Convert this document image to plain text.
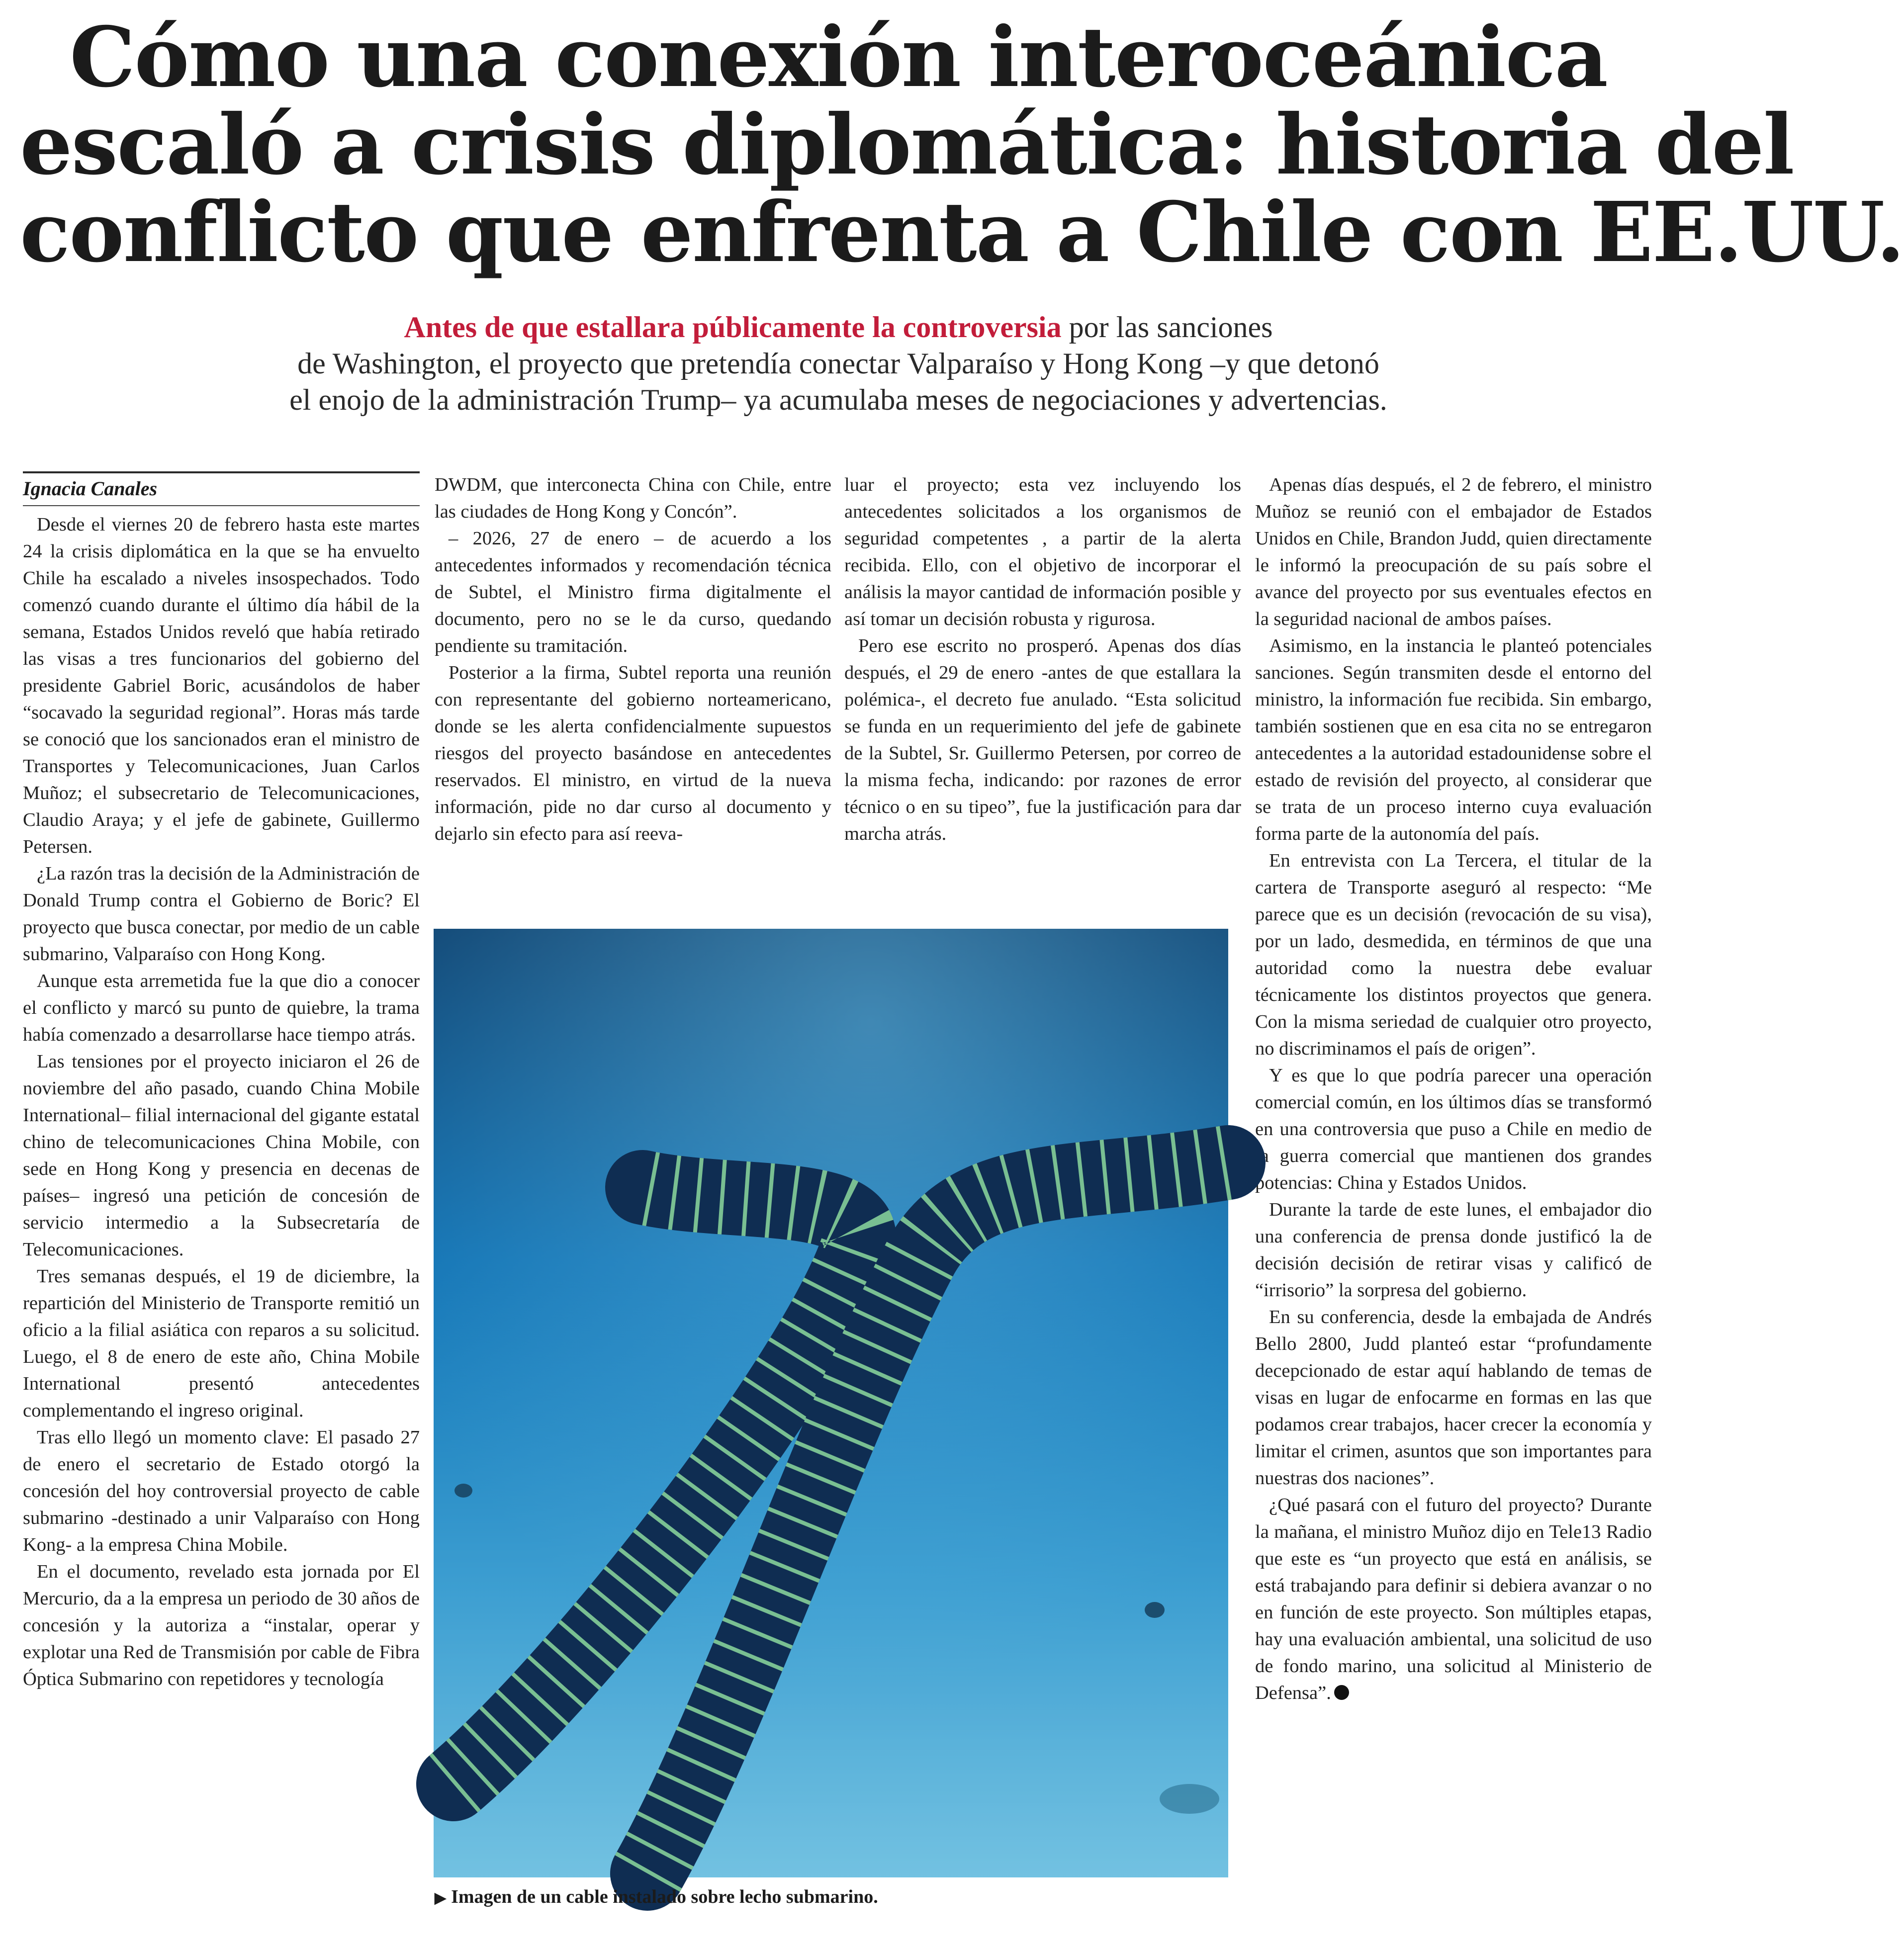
Cómo una conexión interoceánica
escaló a crisis diplomática: historia del
conflicto que enfrenta a Chile con EE.UU.

Antes de que estallara públicamente la controversia por las sanciones
de Washington, el proyecto que pretendía conectar Valparaíso y Hong Kong –y que detonó
el enojo de la administración Trump– ya acumulaba meses de negociaciones y advertencias.

Ignacia Canales

Desde el viernes 20 de febrero hasta este martes 24 la crisis diplomática en la que se ha envuelto Chile ha escalado a niveles insospechados. Todo comenzó cuando durante el último día hábil de la semana, Estados Unidos reveló que había retirado las visas a tres funcionarios del gobierno del presidente Gabriel Boric, acusándolos de haber “socavado la seguridad regional”. Horas más tarde se conoció que los sancionados eran el ministro de Transportes y Telecomunicaciones, Juan Carlos Muñoz; el subsecretario de Telecomunicaciones, Claudio Araya; y el jefe de gabinete, Guillermo Petersen.

¿La razón tras la decisión de la Administración de Donald Trump contra el Gobierno de Boric? El proyecto que busca conectar, por medio de un cable submarino, Valparaíso con Hong Kong.

Aunque esta arremetida fue la que dio a conocer el conflicto y marcó su punto de quiebre, la trama había comenzado a desarrollarse hace tiempo atrás.

Las tensiones por el proyecto iniciaron el 26 de noviembre del año pasado, cuando China Mobile International– filial internacional del gigante estatal chino de telecomunicaciones China Mobile, con sede en Hong Kong y presencia en decenas de países– ingresó una petición de concesión de servicio intermedio a la Subsecretaría de Telecomunicaciones.

Tres semanas después, el 19 de diciembre, la repartición del Ministerio de Transporte remitió un oficio a la filial asiática con reparos a su solicitud. Luego, el 8 de enero de este año, China Mobile International presentó antecedentes complementando el ingreso original.

Tras ello llegó un momento clave: El pasado 27 de enero el secretario de Estado otorgó la concesión del hoy controversial proyecto de cable submarino -destinado a unir Valparaíso con Hong Kong- a la empresa China Mobile.

En el documento, revelado esta jornada por El Mercurio, da a la empresa un periodo de 30 años de concesión y la autoriza a “instalar, operar y explotar una Red de Transmisión por cable de Fibra Óptica Submarino con repetidores y tecnología

DWDM, que interconecta China con Chile, entre las ciudades de Hong Kong y Concón”.

– 2026, 27 de enero – de acuerdo a los antecedentes informados y recomendación técnica de Subtel, el Ministro firma digitalmente el documento, pero no se le da curso, quedando pendiente su tramitación.

Posterior a la firma, Subtel reporta una reunión con representante del gobierno norteamericano, donde se les alerta confidencialmente supuestos riesgos del proyecto basándose en antecedentes reservados. El ministro, en virtud de la nueva información, pide no dar curso al documento y dejarlo sin efecto para así reeva-

luar el proyecto; esta vez incluyendo los antecedentes solicitados a los organismos de seguridad competentes , a partir de la alerta recibida. Ello, con el objetivo de incorporar el análisis la mayor cantidad de información posible y así tomar un decisión robusta y rigurosa.

Pero ese escrito no prosperó. Apenas dos días después, el 29 de enero -antes de que estallara la polémica-, el decreto fue anulado. “Esta solicitud se funda en un requerimiento del jefe de gabinete de la Subtel, Sr. Guillermo Petersen, por correo de la misma fecha, indicando: por razones de error técnico o en su tipeo”, fue la justificación para dar marcha atrás.

Apenas días después, el 2 de febrero, el ministro Muñoz se reunió con el embajador de Estados Unidos en Chile, Brandon Judd, quien directamente le informó la preocupación de su país sobre el avance del proyecto por sus eventuales efectos en la seguridad nacional de ambos países.

Asimismo, en la instancia le planteó potenciales sanciones. Según transmiten desde el entorno del ministro, la información fue recibida. Sin embargo, también sostienen que en esa cita no se entregaron antecedentes a la autoridad estadounidense sobre el estado de revisión del proyecto, al considerar que se trata de un proceso interno cuya evaluación forma parte de la autonomía del país.

En entrevista con La Tercera, el titular de la cartera de Transporte aseguró al respecto: “Me parece que es un decisión (revocación de su visa), por un lado, desmedida, en términos de que una autoridad como la nuestra debe evaluar técnicamente los distintos proyectos que genera. Con la misma seriedad de cualquier otro proyecto, no discriminamos el país de origen”.

Y es que lo que podría parecer una operación comercial común, en los últimos días se transformó en una controversia que puso a Chile en medio de la guerra comercial que mantienen dos grandes potencias: China y Estados Unidos.

Durante la tarde de este lunes, el embajador dio una conferencia de prensa donde justificó la de decisión decisión de retirar visas y calificó de “irrisorio” la sorpresa del gobierno.

En su conferencia, desde la embajada de Andrés Bello 2800, Judd planteó estar “profundamente decepcionado de estar aquí hablando de temas de visas en lugar de enfocarme en formas en las que podamos crear trabajos, hacer crecer la economía y limitar el crimen, asuntos que son importantes para nuestras dos naciones”.

¿Qué pasará con el futuro del proyecto? Durante la mañana, el ministro Muñoz dijo en Tele13 Radio que este es “un proyecto que está en análisis, se está trabajando para definir si debiera avanzar o no en función de este proyecto. Son múltiples etapas, hay una evaluación ambiental, una solicitud de uso de fondo marino, una solicitud al Ministerio de Defensa”.

▶ Imagen de un cable instalado sobre lecho submarino.
